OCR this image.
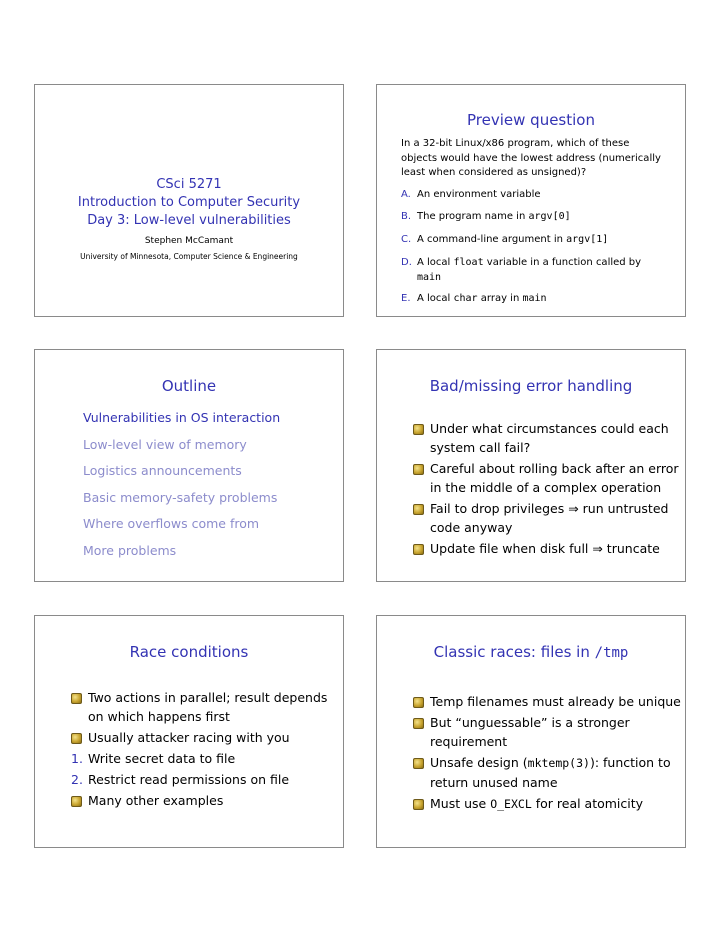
CSci 5271
Introduction to Computer Security
Day 3: Low-level vulnerabilities
Stephen McCamant
University of Minnesota, Computer Science & Engineering
Preview question
In a 32-bit Linux/x86 program, which of these
objects would have the lowest address (numerically
least when considered as unsigned)?
A. An environment variable
B. The program name in argv[0]
C. A command-line argument in argv[1]
D. A local float variable in a function called by
main
E. A local char array in main
Outline
Vulnerabilities in OS interaction
Low-level view of memory
Logistics announcements
Basic memory-safety problems
Where overflows come from
More problems
Bad/missing error handling
Under what circumstances could each
system call fail?
Careful about rolling back after an error
in the middle of a complex operation
Fail to drop privileges ⇒ run untrusted
code anyway
Update file when disk full ⇒ truncate
Race conditions
Two actions in parallel; result depends
on which happens first
Usually attacker racing with you
1. Write secret data to file
2. Restrict read permissions on file
Many other examples
Classic races: files in /tmp
Temp filenames must already be unique
But “unguessable” is a stronger
requirement
Unsafe design (mktemp(3)): function to
return unused name
Must use O_EXCL for real atomicity
